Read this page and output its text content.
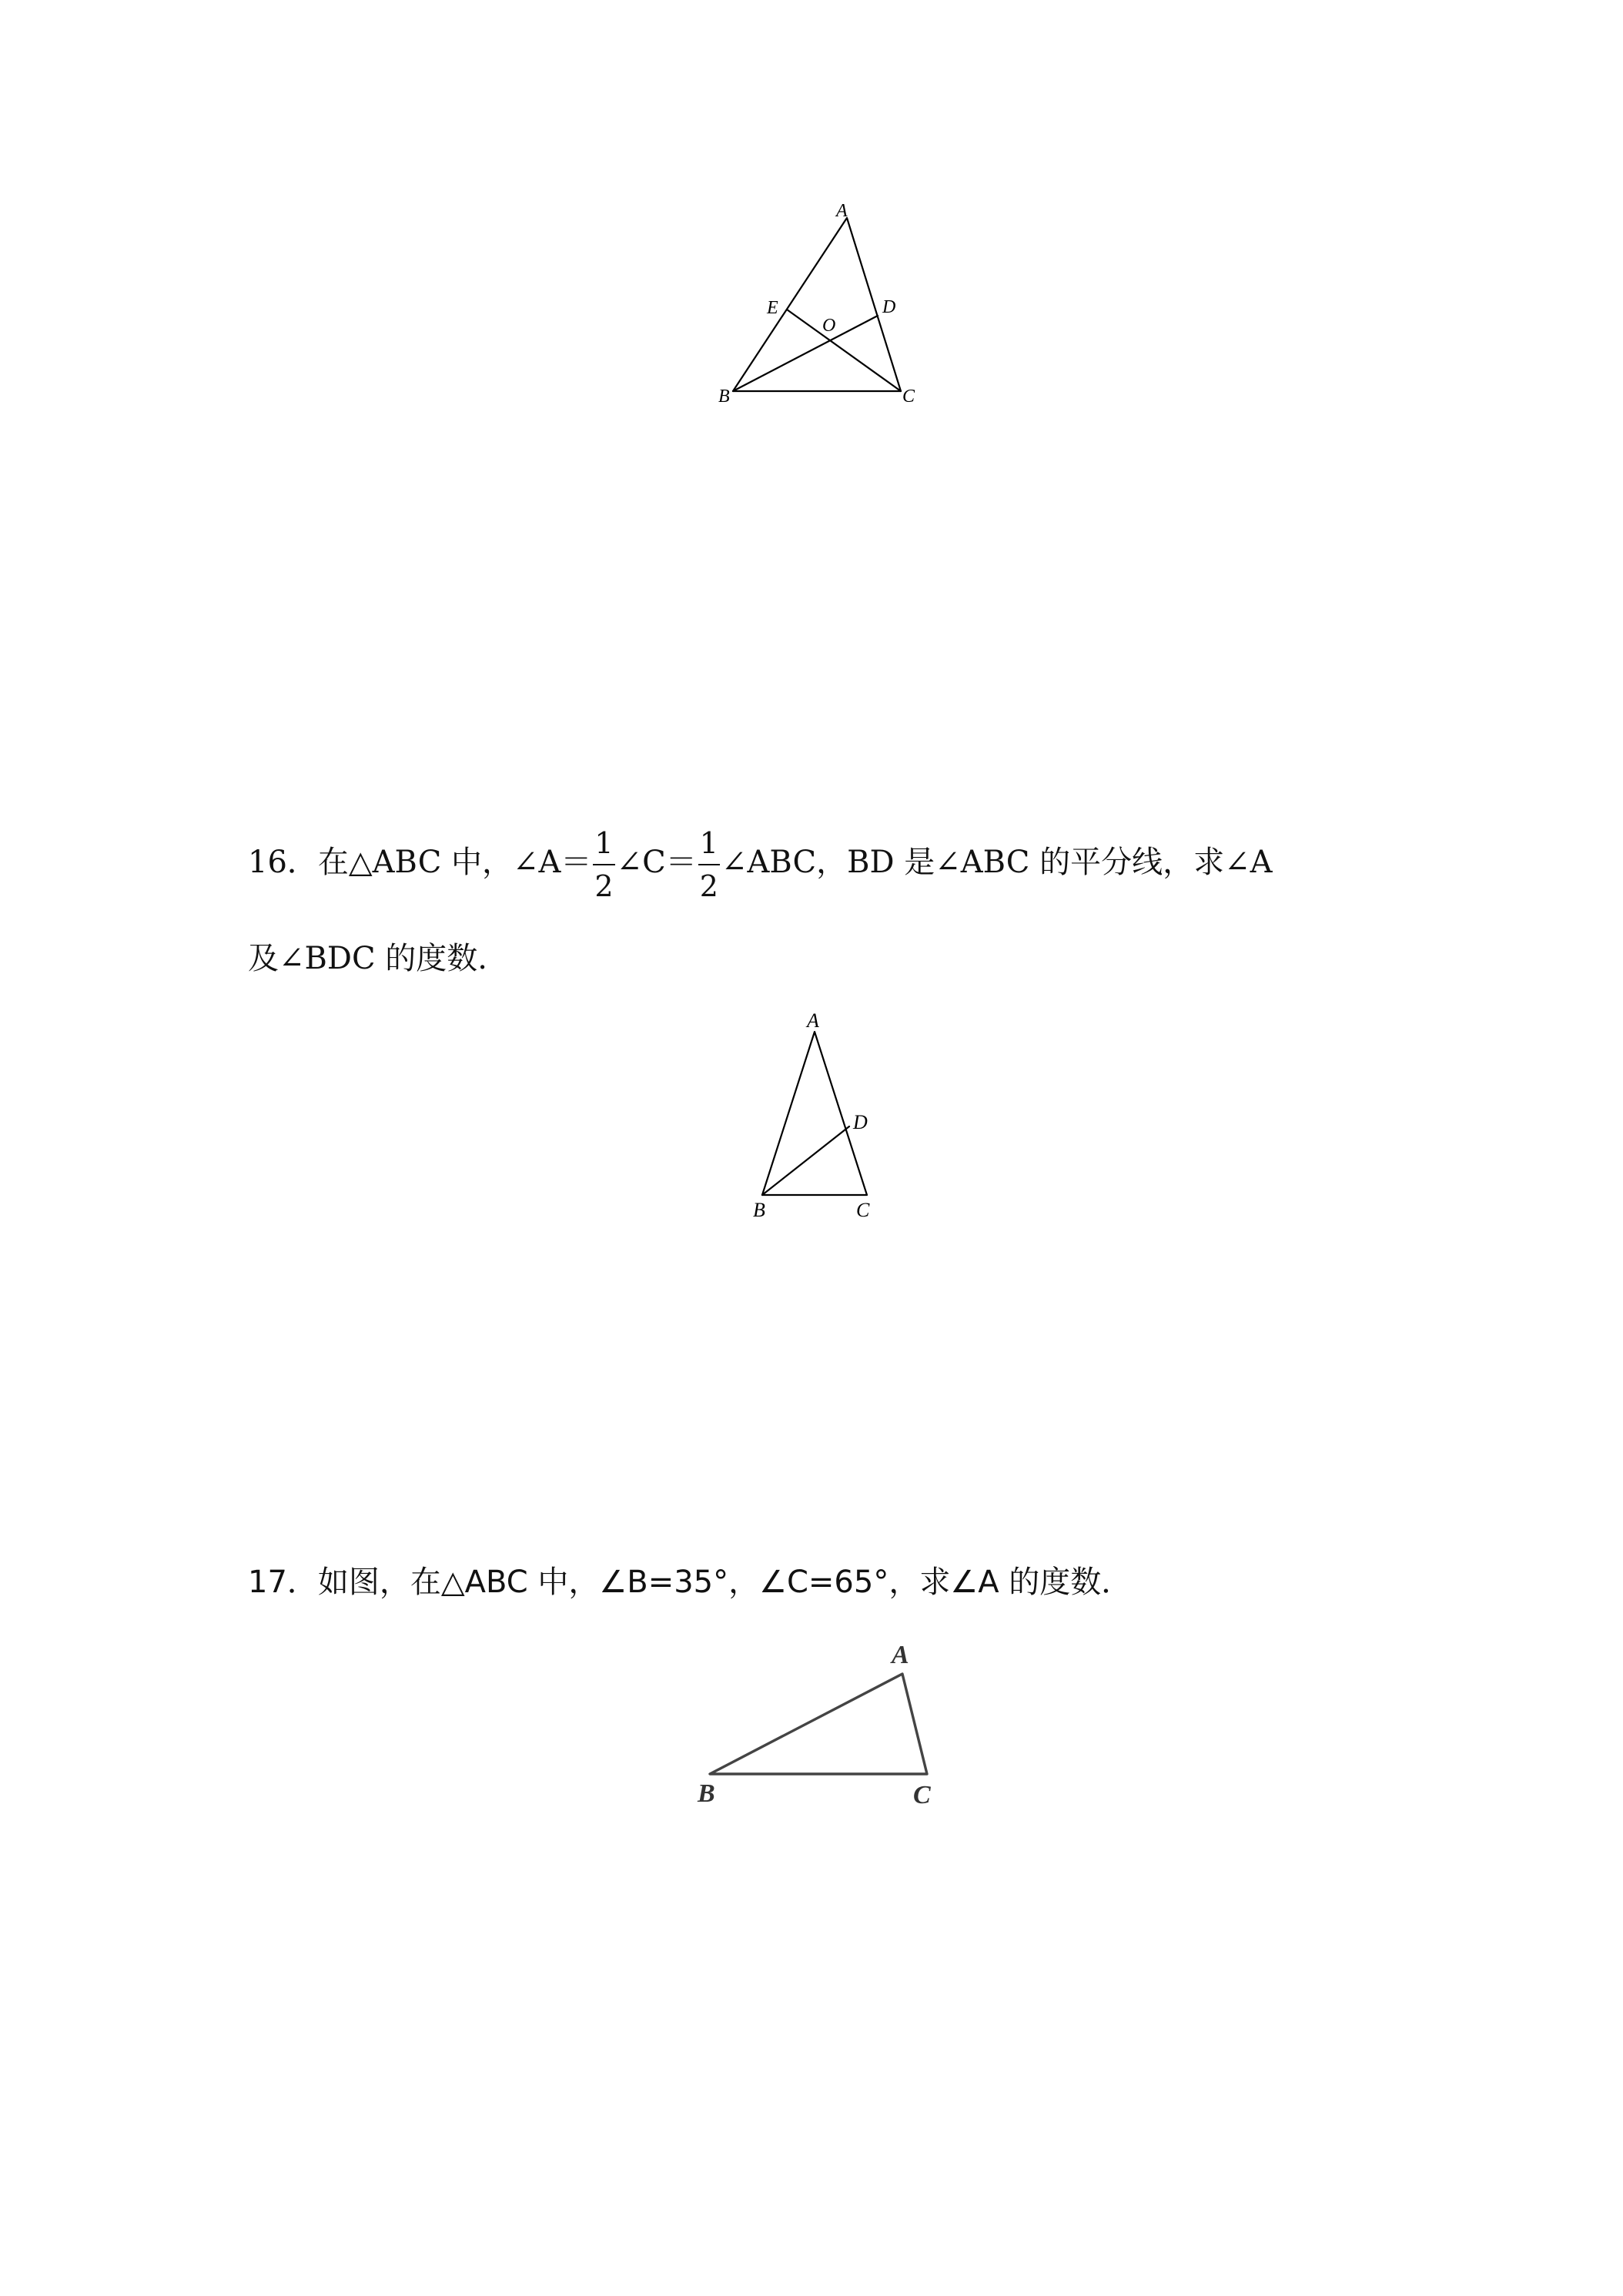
A
E
O
D
B	C

16．在△ABC 中，∠A＝ $\frac{1}{2}$ ∠C＝ $\frac{1}{2}$ ∠ABC，BD 是∠ABC 的平分线，求∠A

及∠BDC 的度数.

A
D
B	C

17．如图，在△ABC 中，∠B=35°，∠C=65°，求∠A 的度数．

A
B	C
